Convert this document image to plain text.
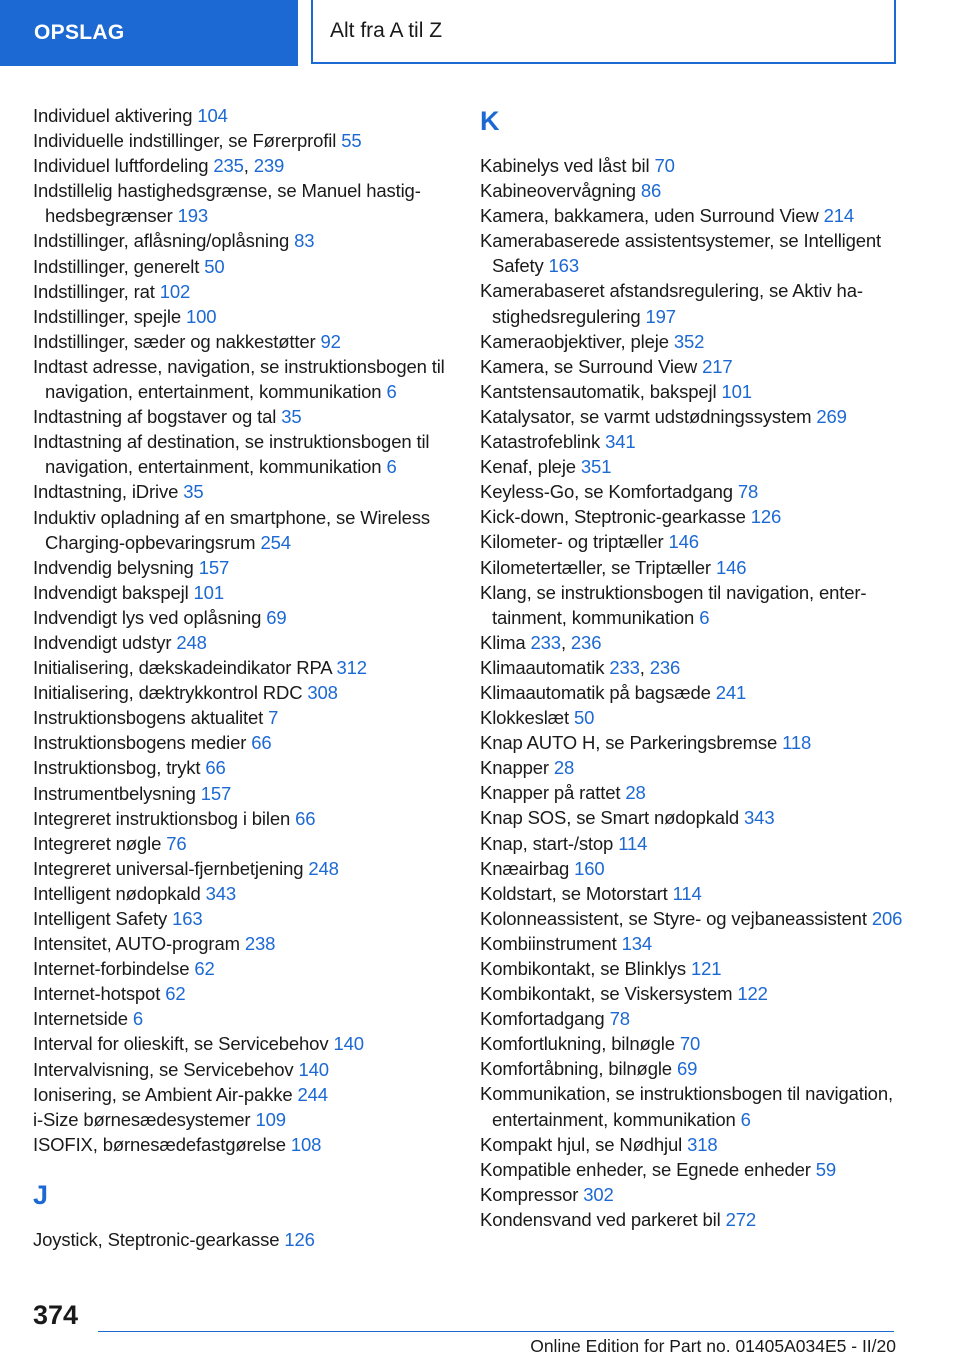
OPSLAG	Alt fra A til Z
Individuel aktivering 104
Individuelle indstillinger, se Førerprofil 55
Individuel luftfordeling 235, 239
Indstillelig hastighedsgrænse, se Manuel hastighedsbegrænser 193
Indstillinger, aflåsning/oplåsning 83
Indstillinger, generelt 50
Indstillinger, rat 102
Indstillinger, spejle 100
Indstillinger, sæder og nakkestøtter 92
Indtast adresse, navigation, se instruktionsbogen til navigation, entertainment, kommunikation 6
Indtastning af bogstaver og tal 35
Indtastning af destination, se instruktionsbogen til navigation, entertainment, kommunikation 6
Indtastning, iDrive 35
Induktiv opladning af en smartphone, se Wireless Charging-opbevaringsrum 254
Indvendig belysning 157
Indvendigt bakspejl 101
Indvendigt lys ved oplåsning 69
Indvendigt udstyr 248
Initialisering, dækskadeindikator RPA 312
Initialisering, dæktrykkontrol RDC 308
Instruktionsbogens aktualitet 7
Instruktionsbogens medier 66
Instruktionsbog, trykt 66
Instrumentbelysning 157
Integreret instruktionsbog i bilen 66
Integreret nøgle 76
Integreret universal-fjernbetjening 248
Intelligent nødopkald 343
Intelligent Safety 163
Intensitet, AUTO-program 238
Internet-forbindelse 62
Internet-hotspot 62
Internetside 6
Interval for olieskift, se Servicebehov 140
Intervalvisning, se Servicebehov 140
Ionisering, se Ambient Air-pakke 244
i-Size børnesædesystemer 109
ISOFIX, børnesædefastgørelse 108
J
Joystick, Steptronic-gearkasse 126
K
Kabinelys ved låst bil 70
Kabineovervågning 86
Kamera, bakkamera, uden Surround View 214
Kamerabaserede assistentsystemer, se Intelligent Safety 163
Kamerabaseret afstandsregulering, se Aktiv hastighedsregulering 197
Kameraobjektiver, pleje 352
Kamera, se Surround View 217
Kantstensautomatik, bakspejl 101
Katalysator, se varmt udstødningssystem 269
Katastrofeblink 341
Kenaf, pleje 351
Keyless-Go, se Komfortadgang 78
Kick-down, Steptronic-gearkasse 126
Kilometer- og triptæller 146
Kilometertæller, se Triptæller 146
Klang, se instruktionsbogen til navigation, entertainment, kommunikation 6
Klima 233, 236
Klimaautomatik 233, 236
Klimaautomatik på bagsæde 241
Klokkeslæt 50
Knap AUTO H, se Parkeringsbremse 118
Knapper 28
Knapper på rattet 28
Knap SOS, se Smart nødopkald 343
Knap, start-/stop 114
Knæairbag 160
Koldstart, se Motorstart 114
Kolonneassistent, se Styre- og vejbaneassistent 206
Kombiinstrument 134
Kombikontakt, se Blinklys 121
Kombikontakt, se Viskersystem 122
Komfortadgang 78
Komfortlukning, bilnøgle 70
Komfortåbning, bilnøgle 69
Kommunikation, se instruktionsbogen til navigation, entertainment, kommunikation 6
Kompakt hjul, se Nødhjul 318
Kompatible enheder, se Egnede enheder 59
Kompressor 302
Kondensvand ved parkeret bil 272
374
Online Edition for Part no. 01405A034E5 - II/20
